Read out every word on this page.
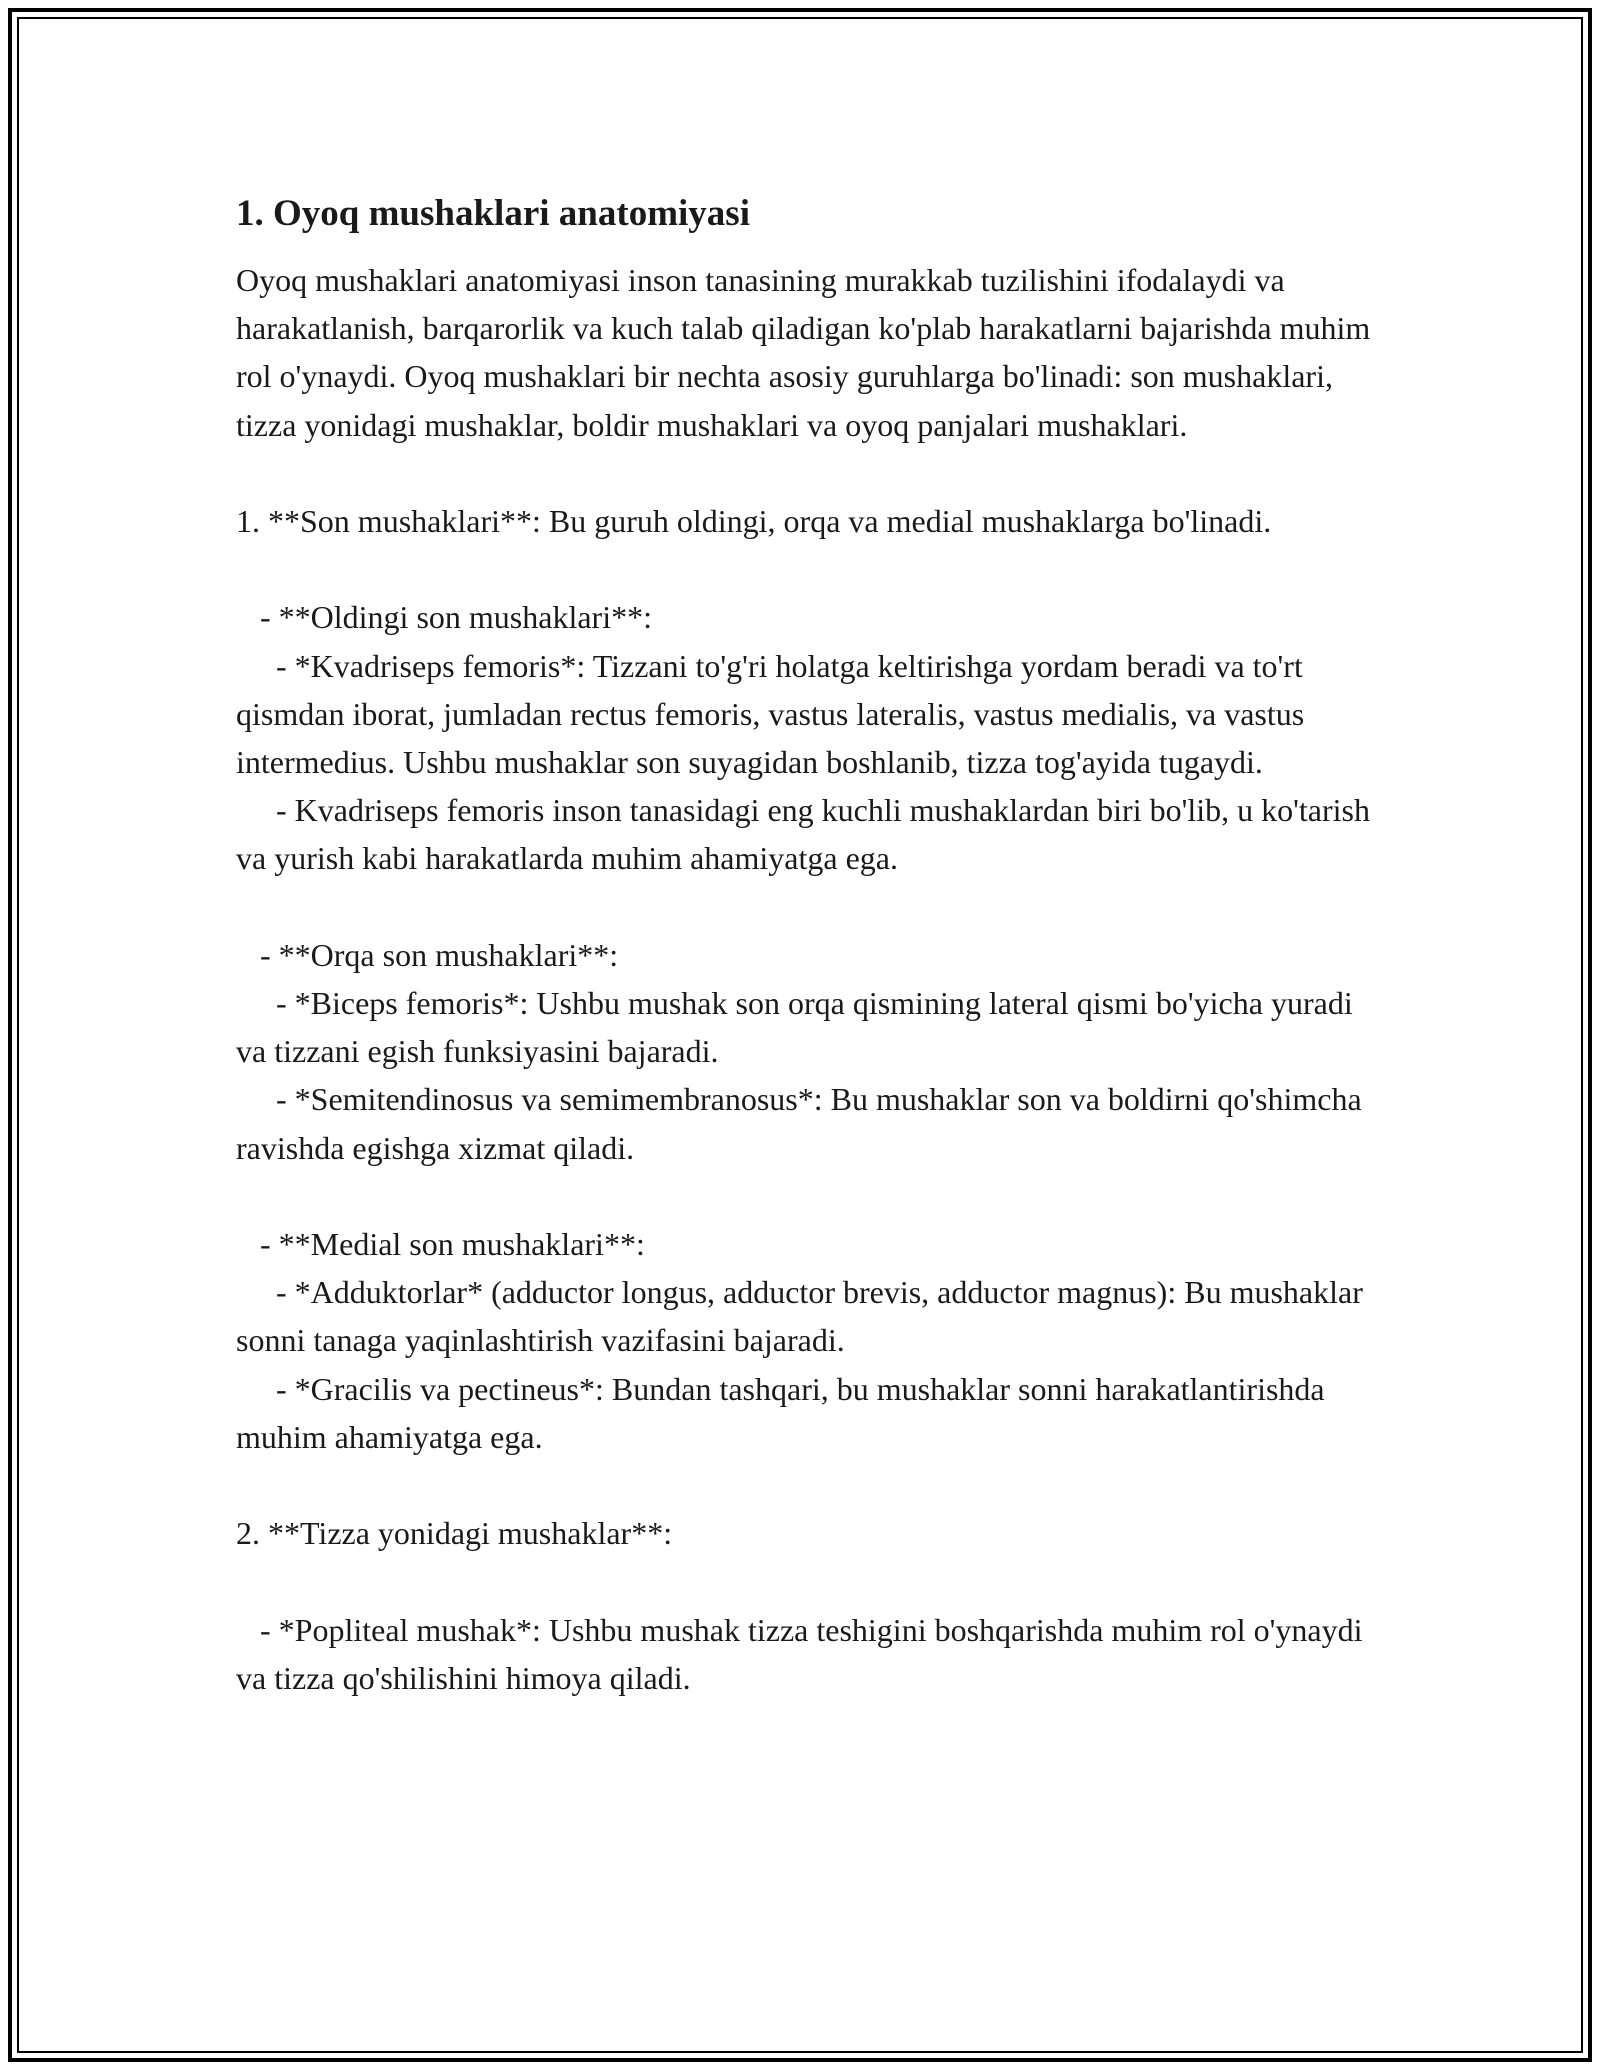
1. Oyoq mushaklari anatomiyasi

Oyoq mushaklari anatomiyasi inson tanasining murakkab tuzilishini ifodalaydi va harakatlanish, barqarorlik va kuch talab qiladigan ko'plab harakatlarni bajarishda muhim rol o'ynaydi. Oyoq mushaklari bir nechta asosiy guruhlarga bo'linadi: son mushaklari, tizza yonidagi mushaklar, boldir mushaklari va oyoq panjalari mushaklari.

1. **Son mushaklari**: Bu guruh oldingi, orqa va medial mushaklarga bo'linadi.

- **Oldingi son mushaklari**:

- *Kvadriseps femoris*: Tizzani to'g'ri holatga keltirishga yordam beradi va to'rt qismdan iborat, jumladan rectus femoris, vastus lateralis, vastus medialis, va vastus intermedius. Ushbu mushaklar son suyagidan boshlanib, tizza tog'ayida tugaydi.

- Kvadriseps femoris inson tanasidagi eng kuchli mushaklardan biri bo'lib, u ko'tarish va yurish kabi harakatlarda muhim ahamiyatga ega.

- **Orqa son mushaklari**:

- *Biceps femoris*: Ushbu mushak son orqa qismining lateral qismi bo'yicha yuradi va tizzani egish funksiyasini bajaradi.

- *Semitendinosus va semimembranosus*: Bu mushaklar son va boldirni qo'shimcha ravishda egishga xizmat qiladi.

- **Medial son mushaklari**:

- *Adduktorlar* (adductor longus, adductor brevis, adductor magnus): Bu mushaklar sonni tanaga yaqinlashtirish vazifasini bajaradi.

- *Gracilis va pectineus*: Bundan tashqari, bu mushaklar sonni harakatlantirishda muhim ahamiyatga ega.

2. **Tizza yonidagi mushaklar**:

- *Popliteal mushak*: Ushbu mushak tizza teshigini boshqarishda muhim rol o'ynaydi va tizza qo'shilishini himoya qiladi.
